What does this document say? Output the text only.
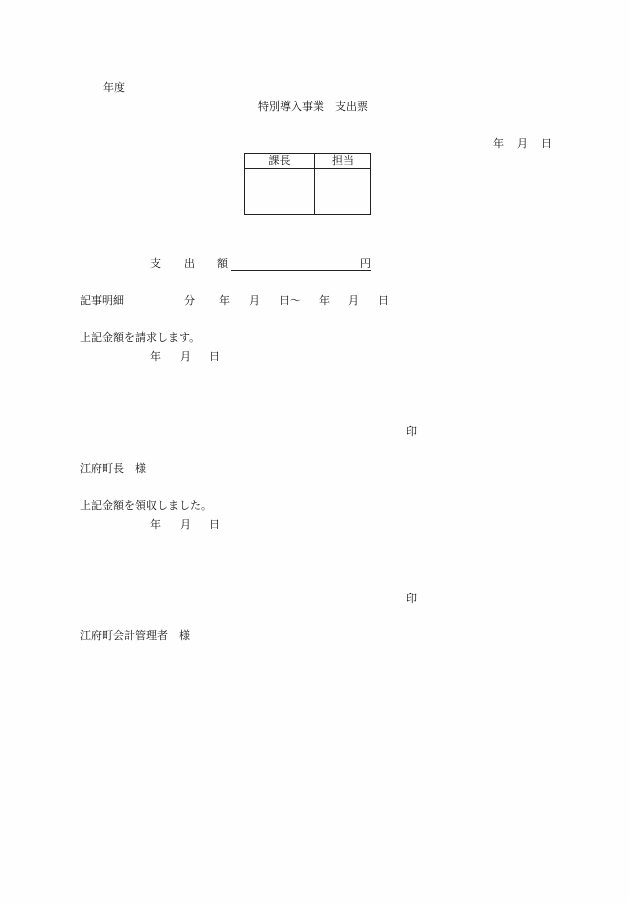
年度
特別導入事業　支出票
年 月 日
課長	担当
支 出 額	円
記事明細	分 年 月 日〜 年 月 日
上記金額を請求します。
年 月 日
印
江府町長　様
上記金額を領収しました。
年 月 日
印
江府町会計管理者　様
